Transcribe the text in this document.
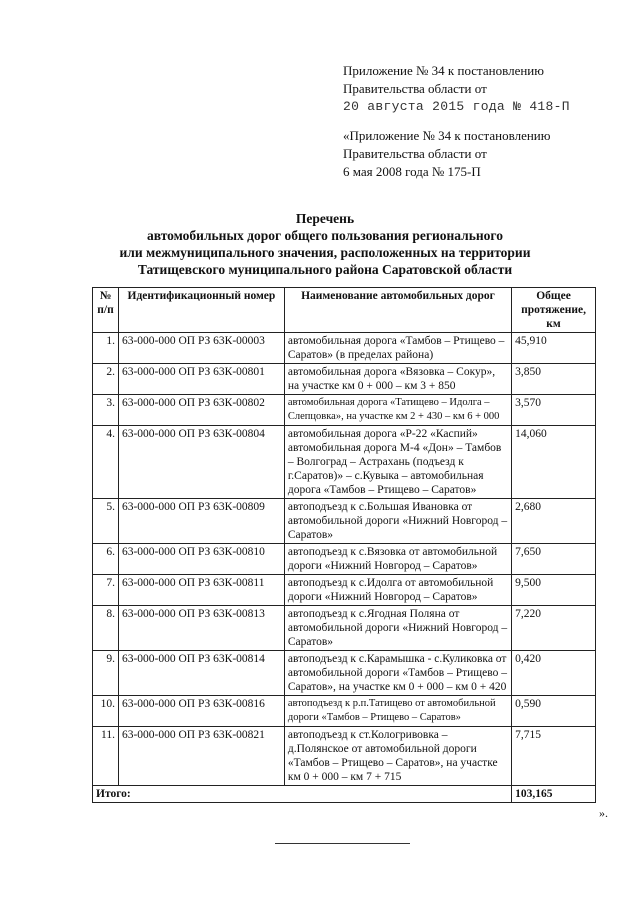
Приложение № 34 к постановлению
Правительства области от
20 августа 2015 года № 418-П
«Приложение № 34 к постановлению
Правительства области от
6 мая 2008 года № 175-П
Перечень
автомобильных дорог общего пользования регионального
или межмуниципального значения, расположенных на территории
Татищевского муниципального района Саратовской области
№ п/п	Идентификационный номер	Наименование автомобильных дорог	Общее протяжение, км
1.	63-000-000 ОП РЗ 63К-00003	автомобильная дорога «Тамбов – Ртищево – Саратов» (в пределах района)	45,910
2.	63-000-000 ОП РЗ 63К-00801	автомобильная дорога «Вязовка – Сокур», на участке км 0 + 000 – км 3 + 850	3,850
3.	63-000-000 ОП РЗ 63К-00802	автомобильная дорога «Татищево – Идолга – Слепцовка», на участке км 2 + 430 – км 6 + 000	3,570
4.	63-000-000 ОП РЗ 63К-00804	автомобильная дорога «Р-22 «Каспий» автомобильная дорога М-4 «Дон» – Тамбов – Волгоград – Астрахань (подъезд к г.Саратов)» – с.Кувыка – автомобильная дорога «Тамбов – Ртищево – Саратов»	14,060
5.	63-000-000 ОП РЗ 63К-00809	автоподъезд к с.Большая Ивановка от автомобильной дороги «Нижний Новгород – Саратов»	2,680
6.	63-000-000 ОП РЗ 63К-00810	автоподъезд к с.Вязовка от автомобильной дороги «Нижний Новгород – Саратов»	7,650
7.	63-000-000 ОП РЗ 63К-00811	автоподъезд к с.Идолга от автомобильной дороги «Нижний Новгород – Саратов»	9,500
8.	63-000-000 ОП РЗ 63К-00813	автоподъезд к с.Ягодная Поляна от автомобильной дороги «Нижний Новгород – Саратов»	7,220
9.	63-000-000 ОП РЗ 63К-00814	автоподъезд к с.Карамышка - с.Куликовка от автомобильной дороги «Тамбов – Ртищево – Саратов», на участке км 0 + 000 – км 0 + 420	0,420
10.	63-000-000 ОП РЗ 63К-00816	автоподъезд к р.п.Татищево от автомобильной дороги «Тамбов – Ртищево – Саратов»	0,590
11.	63-000-000 ОП РЗ 63К-00821	автоподъезд к ст.Кологривовка – д.Полянское от автомобильной дороги «Тамбов – Ртищево – Саратов», на участке км 0 + 000 – км 7 + 715	7,715
Итого:			103,165
».
